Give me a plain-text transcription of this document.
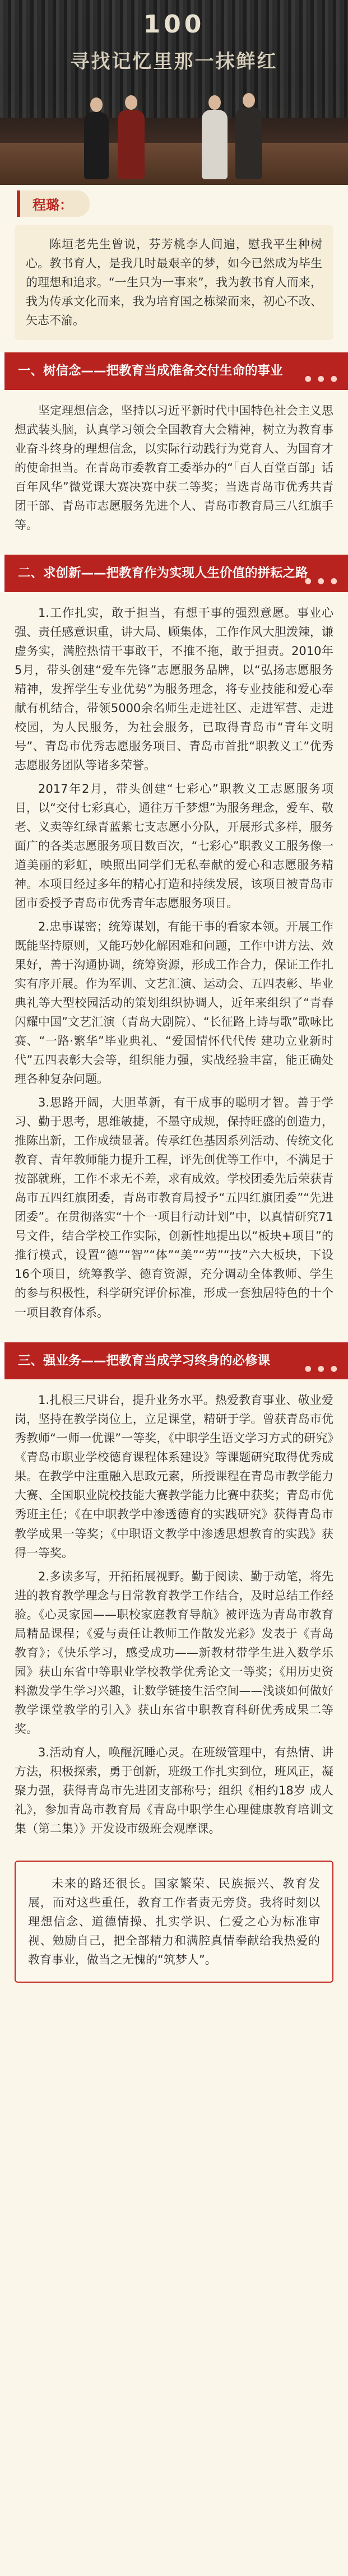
100
寻找记忆里那一抹鲜红
程璐：

陈垣老先生曾说，芬芳桃李人间遍，慰我平生种树心。教书育人，是我几时最艰辛的梦，如今已然成为毕生的理想和追求。“一生只为一事来”，我为教书育人而来，我为传承文化而来，我为培育国之栋梁而来，初心不改、矢志不渝。

一、树信念——把教育当成准备交付生命的事业
● ● ●

坚定理想信念，坚持以习近平新时代中国特色社会主义思想武装头脑，认真学习领会全国教育大会精神，树立为教育事业奋斗终身的理想信念，以实际行动践行为党育人、为国育才的使命担当。在青岛市委教育工委举办的“「百人百堂百部」话百年风华”微党课大赛决赛中获二等奖；当选青岛市优秀共青团干部、青岛市志愿服务先进个人、青岛市教育局三八红旗手等。

二、求创新——把教育作为实现人生价值的拼耘之路
● ● ●

1.工作扎实，敢于担当，有想干事的强烈意愿。事业心强、责任感意识重，讲大局、顾集体，工作作风大胆泼辣，谦虚务实，满腔热情干事敢干，不推不拖，敢于担责。2010年5月，带头创建“爱车先锋”志愿服务品牌，以“弘扬志愿服务精神，发挥学生专业优势”为服务理念，将专业技能和爱心奉献有机结合，带领5000余名师生走进社区、走进军营、走进校园，为人民服务，为社会服务，已取得青岛市“青年文明号”、青岛市优秀志愿服务项目、青岛市首批“职教义工”优秀志愿服务团队等诸多荣誉。

2017年2月，带头创建“七彩心”职教义工志愿服务项目，以“交付七彩真心，通往万千梦想”为服务理念，爱车、敬老、义卖等红绿青蓝紫七支志愿小分队，开展形式多样，服务面广的各类志愿服务项目数百次，“七彩心”职教义工服务像一道美丽的彩虹，映照出同学们无私奉献的爱心和志愿服务精神。本项目经过多年的精心打造和持续发展，该项目被青岛市团市委授予青岛市优秀青年志愿服务项目。

2.忠事谋密；统筹谋划，有能干事的看家本领。开展工作既能坚持原则，又能巧妙化解困难和问题，工作中讲方法、效果好，善于沟通协调，统筹资源，形成工作合力，保证工作扎实有序开展。作为军训、文艺汇演、运动会、五四表彰、毕业典礼等大型校园活动的策划组织协调人，近年来组织了“青春闪耀中国”文艺汇演（青岛大剧院）、“长征路上诗与歌”歌咏比赛、“一路·繁华”毕业典礼、“爱国情怀代代传 建功立业新时代”五四表彰大会等，组织能力强，实战经验丰富，能正确处理各种复杂问题。

3.思路开阔，大胆革新，有干成事的聪明才智。善于学习、勤于思考，思维敏捷，不墨守成规，保持旺盛的创造力，推陈出新，工作成绩显著。传承红色基因系列活动、传统文化教育、青年教师能力提升工程，评先创优等工作中，不满足于按部就班，工作不求无不差，求有成效。学校团委先后荣获青岛市五四红旗团委，青岛市教育局授予“五四红旗团委”“先进团委”。在贯彻落实“十个一项目行动计划”中，以真情研究71号文件，结合学校工作实际，创新性地提出以“板块+项目”的推行模式，设置“德”“智”“体”“美”“劳”“技”六大板块，下设16个项目，统筹教学、德育资源，充分调动全体教师、学生的参与积极性，科学研究评价标准，形成一套独居特色的十个一项目教育体系。

三、强业务——把教育当成学习终身的必修课
● ● ●

1.扎根三尺讲台，提升业务水平。热爱教育事业、敬业爱岗，坚持在教学岗位上，立足课堂，精研于学。曾获青岛市优秀教师“一师一优课”一等奖，《中职学生语文学习方式的研究》《青岛市职业学校德育课程体系建设》等课题研究取得优秀成果。在教学中注重融入思政元素，所授课程在青岛市教学能力大赛、全国职业院校技能大赛教学能力比赛中获奖；青岛市优秀班主任；《在中职教学中渗透德育的实践研究》获得青岛市教学成果一等奖；《中职语文教学中渗透思想教育的实践》获得一等奖。

2.多读多写，开拓拓展视野。勤于阅读、勤于动笔，将先进的教育教学理念与日常教育教学工作结合，及时总结工作经验。《心灵家园——职校家庭教育导航》被评选为青岛市教育局精品课程；《爱与责任让教师工作散发光彩》发表于《青岛教育》；《快乐学习，感受成功——新教材带学生进入数学乐园》获山东省中等职业学校教学优秀论文一等奖；《用历史资料激发学生学习兴趣，让数学链接生活空间——浅谈如何做好教学课堂教学的引入》获山东省中职教育科研优秀成果二等奖。

3.活动育人，唤醒沉睡心灵。在班级管理中，有热情、讲方法，积极探索，勇于创新，班级工作扎实到位，班风正，凝聚力强，获得青岛市先进团支部称号；组织《相约18岁 成人礼》，参加青岛市教育局《青岛中职学生心理健康教育培训文集（第二集）》开发设市级班会观摩课。

未来的路还很长。国家繁荣、民族振兴、教育发展，而对这些重任，教育工作者责无旁贷。我将时刻以理想信念、道德情操、扎实学识、仁爱之心为标准审视、勉励自己，把全部精力和满腔真情奉献给我热爱的教育事业，做当之无愧的“筑梦人”。
